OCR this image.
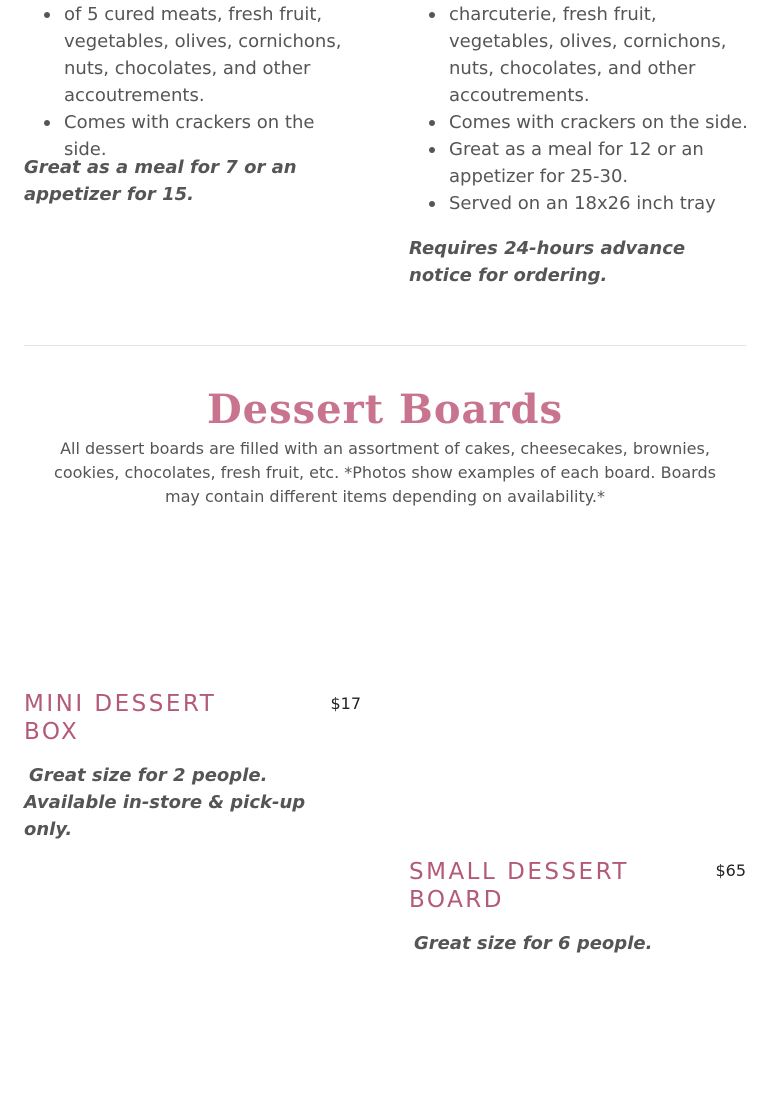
of 5 cured meats, fresh fruit, vegetables, olives, cornichons, nuts, chocolates, and other accoutrements.
Comes with crackers on the side.
Great as a meal for 7 or an appetizer for 15.
charcuterie, fresh fruit, vegetables, olives, cornichons, nuts, chocolates, and other accoutrements.
Comes with crackers on the side.
Great as a meal for 12 or an appetizer for 25-30.
Served on an 18x26 inch tray
Requires 24-hours advance notice for ordering.
Dessert Boards

All dessert boards are filled with an assortment of cakes, cheesecakes, brownies, cookies, chocolates, fresh fruit, etc. *Photos show examples of each board. Boards may contain different items depending on availability.*

MINI DESSERT BOX
$17
Great size for 2 people. Available in-store & pick-up only.
SMALL DESSERT BOARD
$65
Great size for 6 people.
